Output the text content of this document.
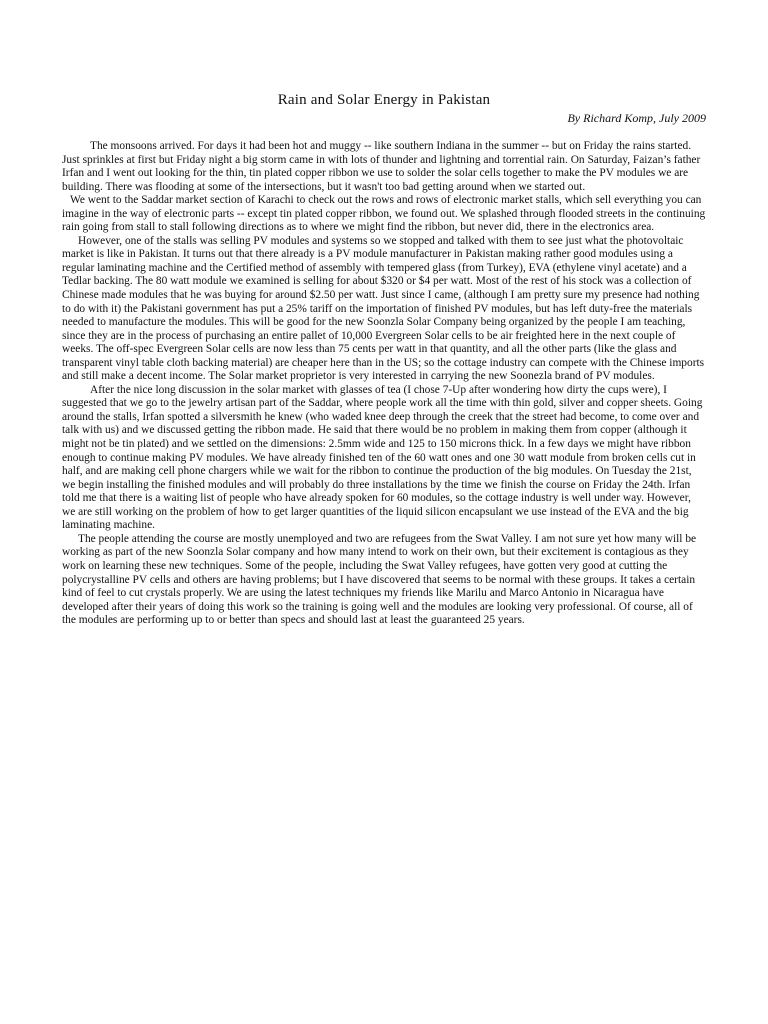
Rain and Solar Energy in Pakistan

By Richard Komp, July 2009

The monsoons arrived. For days it had been hot and muggy -- like southern Indiana in the summer -- but on Friday the rains started. Just sprinkles at first but Friday night a big storm came in with lots of thunder and lightning and torrential rain. On Saturday, Faizan’s father Irfan and I went out looking for the thin, tin plated copper ribbon we use to solder the solar cells together to make the PV modules we are building. There was flooding at some of the intersections, but it wasn't too bad getting around when we started out.

We went to the Saddar market section of Karachi to check out the rows and rows of electronic market stalls, which sell everything you can imagine in the way of electronic parts -- except tin plated copper ribbon, we found out. We splashed through flooded streets in the continuing rain going from stall to stall following directions as to where we might find the ribbon, but never did, there in the electronics area.

However, one of the stalls was selling PV modules and systems so we stopped and talked with them to see just what the photovoltaic market is like in Pakistan. It turns out that there already is a PV module manufacturer in Pakistan making rather good modules using a regular laminating machine and the Certified method of assembly with tempered glass (from Turkey), EVA (ethylene vinyl acetate) and a Tedlar backing. The 80 watt module we examined is selling for about $320 or $4 per watt. Most of the rest of his stock was a collection of Chinese made modules that he was buying for around $2.50 per watt. Just since I came, (although I am pretty sure my presence had nothing to do with it) the Pakistani government has put a 25% tariff on the importation of finished PV modules, but has left duty-free the materials needed to manufacture the modules. This will be good for the new Soonzla Solar Company being organized by the people I am teaching, since they are in the process of purchasing an entire pallet of 10,000 Evergreen Solar cells to be air freighted here in the next couple of weeks. The off-spec Evergreen Solar cells are now less than 75 cents per watt in that quantity, and all the other parts (like the glass and transparent vinyl table cloth backing material) are cheaper here than in the US; so the cottage industry can compete with the Chinese imports and still make a decent income. The Solar market proprietor is very interested in carrying the new Soonezla brand of PV modules.

After the nice long discussion in the solar market with glasses of tea (I chose 7-Up after wondering how dirty the cups were), I suggested that we go to the jewelry artisan part of the Saddar, where people work all the time with thin gold, silver and copper sheets. Going around the stalls, Irfan spotted a silversmith he knew (who waded knee deep through the creek that the street had become, to come over and talk with us) and we discussed getting the ribbon made. He said that there would be no problem in making them from copper (although it might not be tin plated) and we settled on the dimensions: 2.5mm wide and 125 to 150 microns thick. In a few days we might have ribbon enough to continue making PV modules. We have already finished ten of the 60 watt ones and one 30 watt module from broken cells cut in half, and are making cell phone chargers while we wait for the ribbon to continue the production of the big modules. On Tuesday the 21st, we begin installing the finished modules and will probably do three installations by the time we finish the course on Friday the 24th. Irfan told me that there is a waiting list of people who have already spoken for 60 modules, so the cottage industry is well under way. However, we are still working on the problem of how to get larger quantities of the liquid silicon encapsulant we use instead of the EVA and the big laminating machine.

The people attending the course are mostly unemployed and two are refugees from the Swat Valley. I am not sure yet how many will be working as part of the new Soonzla Solar company and how many intend to work on their own, but their excitement is contagious as they work on learning these new techniques. Some of the people, including the Swat Valley refugees, have gotten very good at cutting the polycrystalline PV cells and others are having problems; but I have discovered that seems to be normal with these groups. It takes a certain kind of feel to cut crystals properly. We are using the latest techniques my friends like Marilu and Marco Antonio in Nicaragua have developed after their years of doing this work so the training is going well and the modules are looking very professional. Of course, all of the modules are performing up to or better than specs and should last at least the guaranteed 25 years.
